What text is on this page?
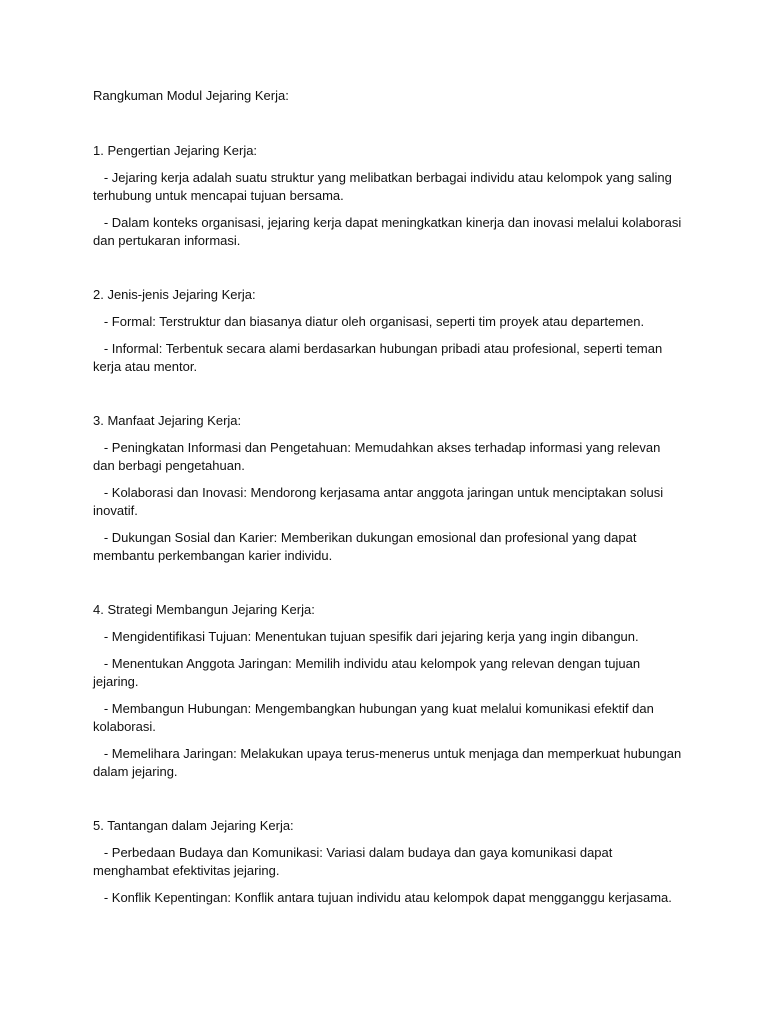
Rangkuman Modul Jejaring Kerja:

1. Pengertian Jejaring Kerja:

- Jejaring kerja adalah suatu struktur yang melibatkan berbagai individu atau kelompok yang saling terhubung untuk mencapai tujuan bersama.

- Dalam konteks organisasi, jejaring kerja dapat meningkatkan kinerja dan inovasi melalui kolaborasi dan pertukaran informasi.

2. Jenis-jenis Jejaring Kerja:

- Formal: Terstruktur dan biasanya diatur oleh organisasi, seperti tim proyek atau departemen.

- Informal: Terbentuk secara alami berdasarkan hubungan pribadi atau profesional, seperti teman kerja atau mentor.

3. Manfaat Jejaring Kerja:

- Peningkatan Informasi dan Pengetahuan: Memudahkan akses terhadap informasi yang relevan dan berbagi pengetahuan.

- Kolaborasi dan Inovasi: Mendorong kerjasama antar anggota jaringan untuk menciptakan solusi inovatif.

- Dukungan Sosial dan Karier: Memberikan dukungan emosional dan profesional yang dapat membantu perkembangan karier individu.

4. Strategi Membangun Jejaring Kerja:

- Mengidentifikasi Tujuan: Menentukan tujuan spesifik dari jejaring kerja yang ingin dibangun.

- Menentukan Anggota Jaringan: Memilih individu atau kelompok yang relevan dengan tujuan jejaring.

- Membangun Hubungan: Mengembangkan hubungan yang kuat melalui komunikasi efektif dan kolaborasi.

- Memelihara Jaringan: Melakukan upaya terus-menerus untuk menjaga dan memperkuat hubungan dalam jejaring.

5. Tantangan dalam Jejaring Kerja:

- Perbedaan Budaya dan Komunikasi: Variasi dalam budaya dan gaya komunikasi dapat menghambat efektivitas jejaring.

- Konflik Kepentingan: Konflik antara tujuan individu atau kelompok dapat mengganggu kerjasama.
